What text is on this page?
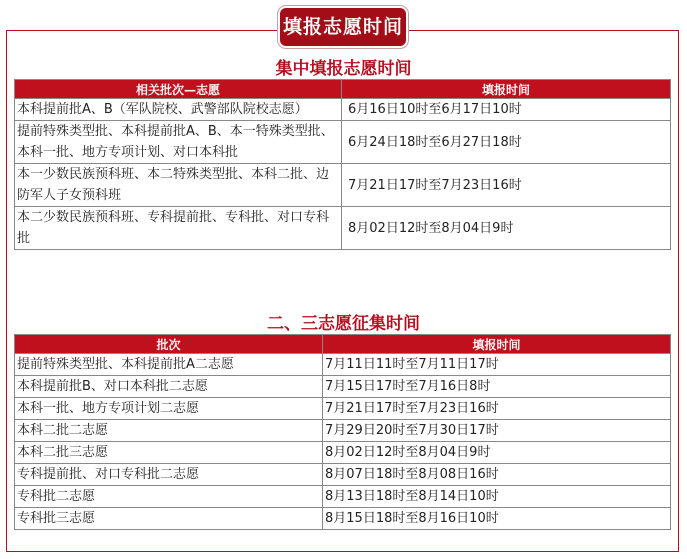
填报志愿时间
集中填报志愿时间
相关批次—志愿	填报时间
本科提前批A、B（军队院校、武警部队院校志愿）	6月16日10时至6月17日10时
提前特殊类型批、本科提前批A、B、本一特殊类型批、本科一批、地方专项计划、对口本科批	6月24日18时至6月27日18时
本一少数民族预科班、本二特殊类型批、本科二批、边防军人子女预科班	7月21日17时至7月23日16时
本二少数民族预科班、专科提前批、专科批、对口专科批	8月02日12时至8月04日9时
二、三志愿征集时间
批次	填报时间
提前特殊类型批、本科提前批A二志愿	7月11日11时至7月11日17时
本科提前批B、对口本科批二志愿	7月15日17时至7月16日8时
本科一批、地方专项计划二志愿	7月21日17时至7月23日16时
本科二批二志愿	7月29日20时至7月30日17时
本科二批三志愿	8月02日12时至8月04日9时
专科提前批、对口专科批二志愿	8月07日18时至8月08日16时
专科批二志愿	8月13日18时至8月14日10时
专科批三志愿	8月15日18时至8月16日10时
